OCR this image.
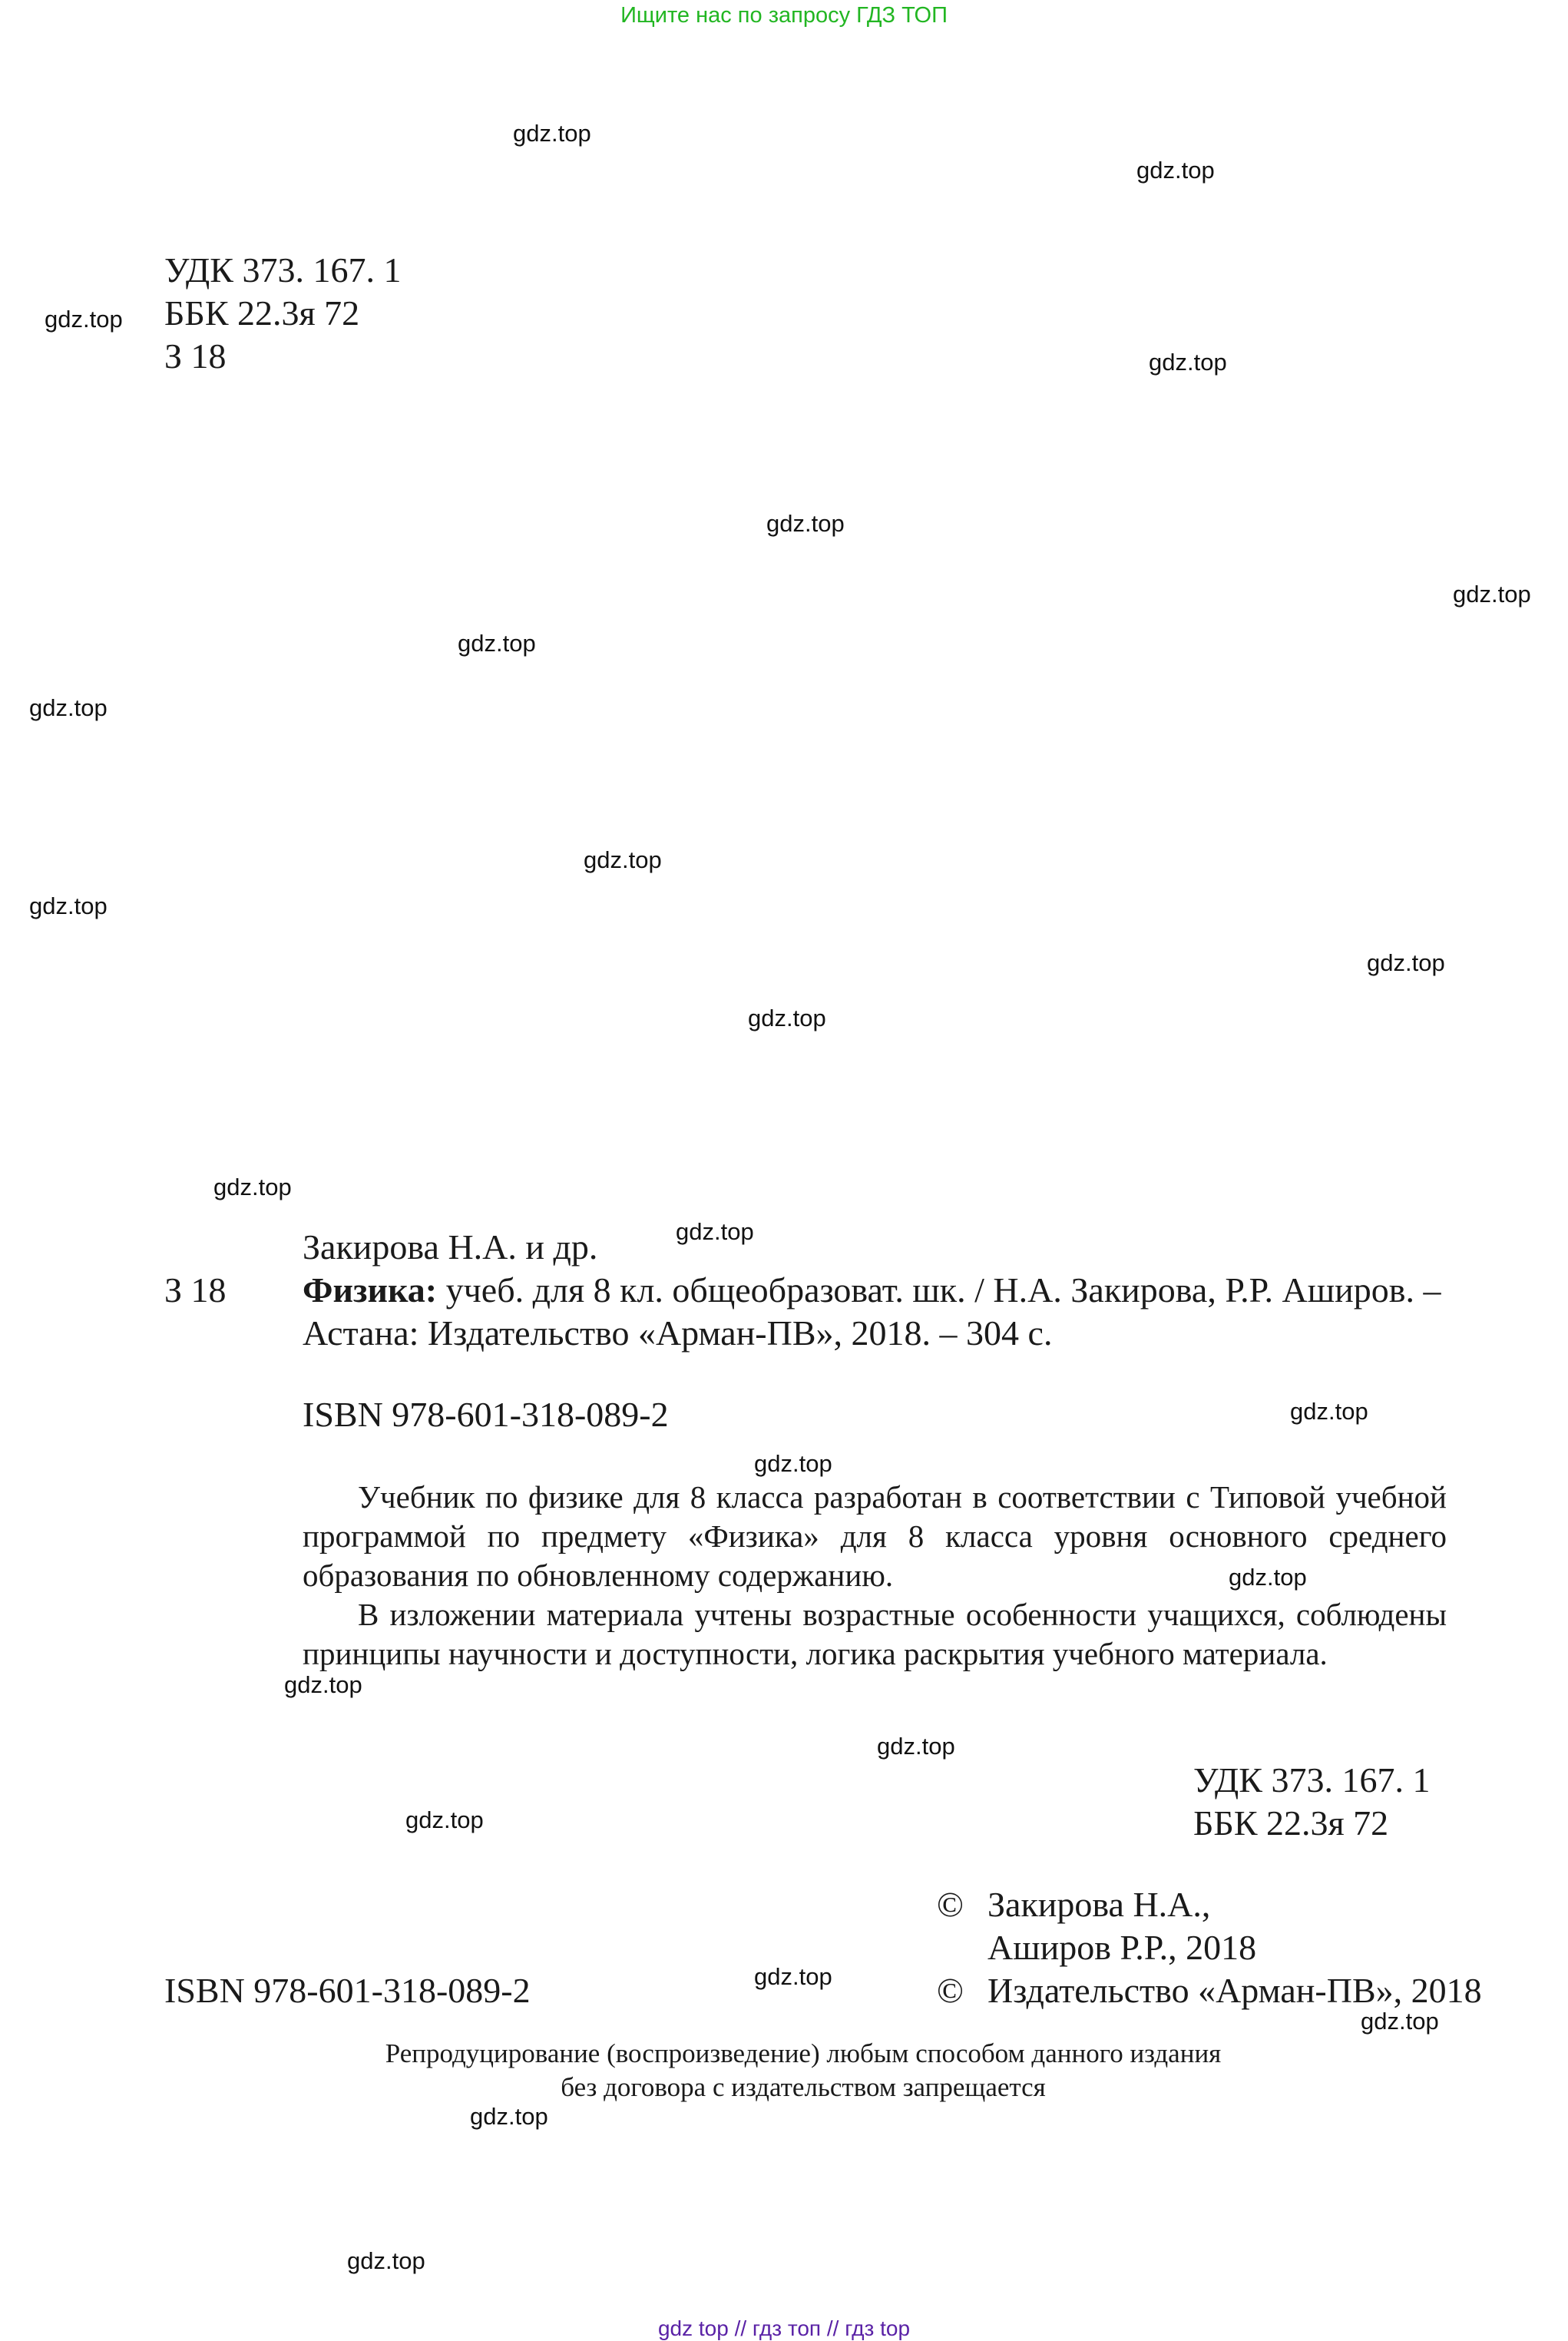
Ищите нас по запросу ГДЗ ТОП
gdz.top
gdz.top
gdz.top
gdz.top
gdz.top
gdz.top
gdz.top
gdz.top
gdz.top
gdz.top
gdz.top
gdz.top
gdz.top
gdz.top
gdz.top
gdz.top
gdz.top
gdz.top
gdz.top
gdz.top
gdz.top
gdz.top
gdz.top
gdz.top
УДК 373. 167. 1
ББК 22.3я 72
З 18
Закирова Н.А. и др.
З 18 Физика: учеб. для 8 кл. общеобразоват. шк. / Н.А. Закирова, Р.Р. Аширов. –
Астана: Издательство «Арман-ПВ», 2018. – 304 с.
ISBN 978-601-318-089-2

Учебник по физике для 8 класса разработан в соответствии с Типовой учебной программой по предмету «Физика» для 8 класса уровня основного среднего образования по обновленному содержанию.

В изложении материала учтены возрастные особенности учащихся, соблюдены принципы научности и доступности, логика раскрытия учебного материала.

УДК 373. 167. 1
ББК 22.3я 72
© Закирова Н.А.,
Аширов Р.Р., 2018
© Издательство «Арман-ПВ», 2018
ISBN 978-601-318-089-2
Репродуцирование (воспроизведение) любым способом данного издания
без договора с издательством запрещается
gdz top // гдз топ // гдз top
